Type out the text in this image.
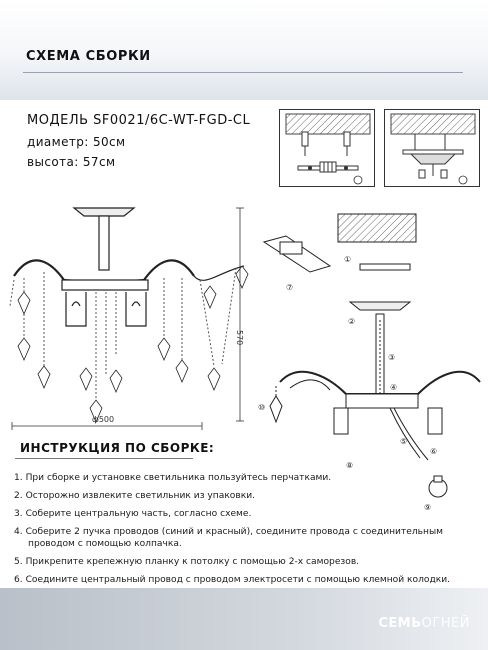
СХЕМА СБОРКИ
МОДЕЛЬ SF0021/6C-WT-FGD-CL
диаметр: 50см
высота: 57см
ф500
570
①
⑦
②
③
④
⑤
⑥
⑩
⑨
⑧
ИНСТРУКЦИЯ ПО СБОРКЕ:
1. При сборке и установке светильника пользуйтесь перчатками.
2. Осторожно извлеките светильник из упаковки.
3. Соберите центральную часть, согласно схеме.
4. Соберите 2 пучка проводов (синий и красный), соедините провода с соединительным
проводом с помощью колпачка.
5. Прикрепите крепежную планку к потолку с помощью 2-х саморезов.
6. Соедините центральный провод с проводом электросети с помощью клемной колодки.
СЕМЬОГНЕЙ
